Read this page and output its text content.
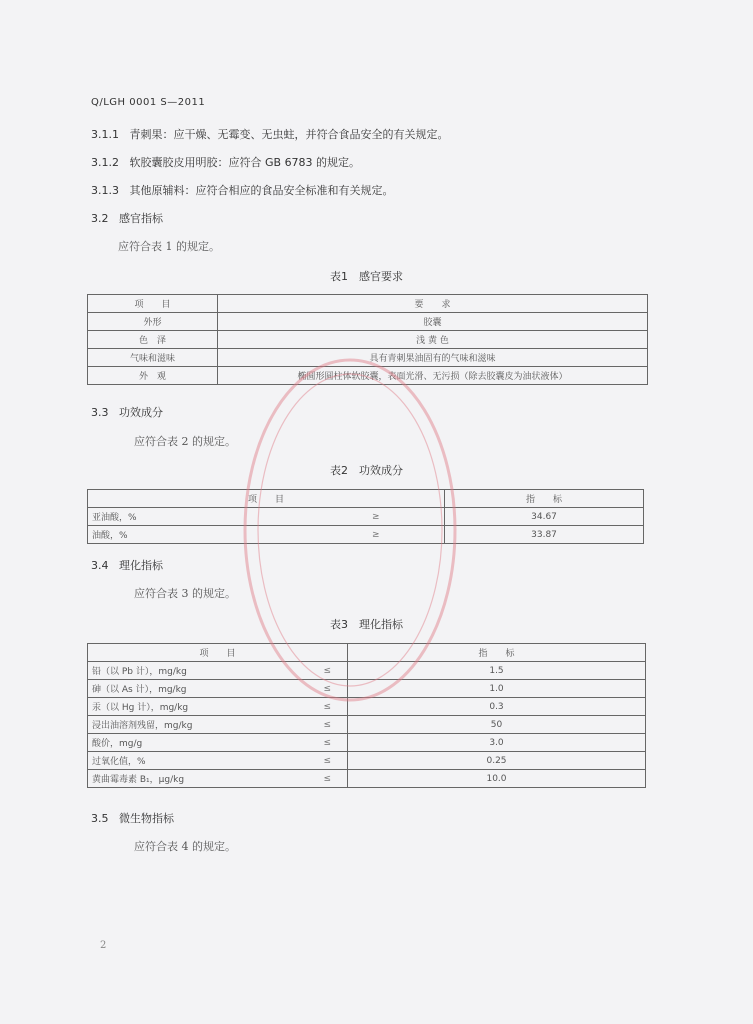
Q/LGH 0001 S—2011
3.1.1 青刺果：应干燥、无霉变、无虫蛀，并符合食品安全的有关规定。
3.1.2 软胶囊胶皮用明胶：应符合 GB 6783 的规定。
3.1.3 其他原辅料：应符合相应的食品安全标准和有关规定。
3.2 感官指标
应符合表 1 的规定。
表1　感官要求
项　　目	要　　求
外形	胶囊
色　泽	浅 黄 色
气味和滋味	具有青刺果油固有的气味和滋味
外　观	椭圆形圆柱体软胶囊，表面光滑、无污损（除去胶囊皮为油状液体）
3.3 功效成分
应符合表 2 的规定。
表2　功效成分
项　　目		指　　标
亚油酸，%	≥	34.67
油酸，%	≥	33.87
3.4 理化指标
应符合表 3 的规定。
表3　理化指标
项　　目		指　　标
铅（以 Pb 计），mg/kg	≤	1.5
砷（以 As 计），mg/kg	≤	1.0
汞（以 Hg 计），mg/kg	≤	0.3
浸出油溶剂残留，mg/kg	≤	50
酸价，mg/g	≤	3.0
过氧化值，%	≤	0.25
黄曲霉毒素 B₁，μg/kg	≤	10.0
3.5 微生物指标
应符合表 4 的规定。
2
